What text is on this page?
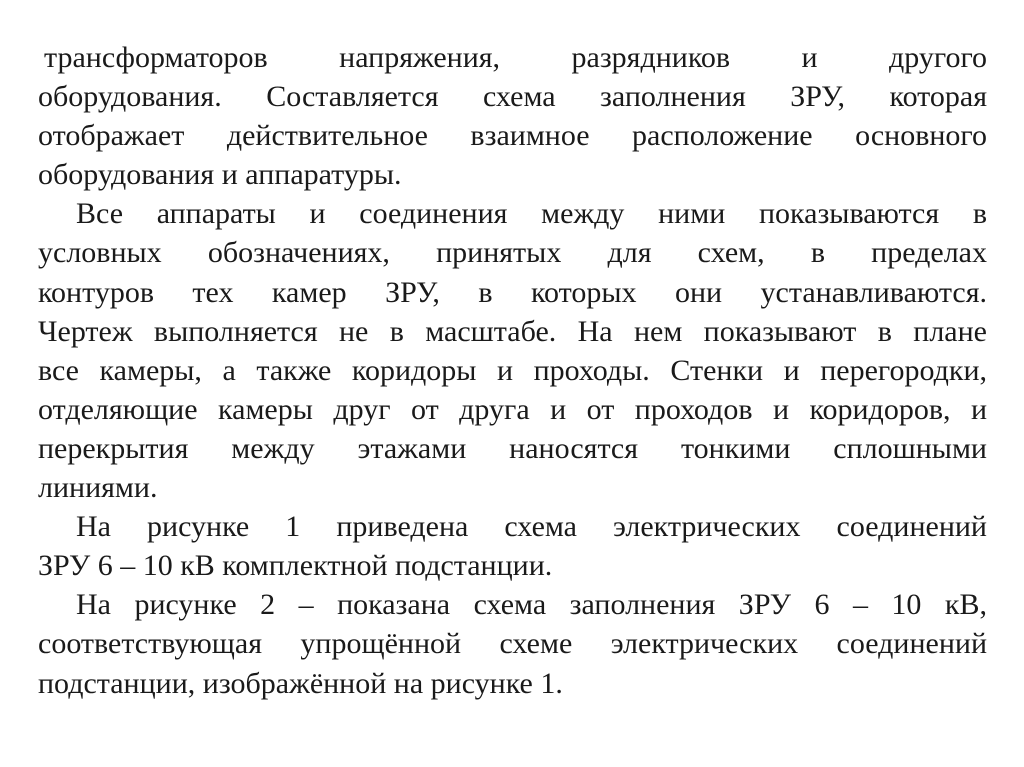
трансформаторов напряжения, разрядников и другого
оборудования. Составляется схема заполнения ЗРУ, которая
отображает действительное взаимное расположение основного
оборудования и аппаратуры.
Все аппараты и соединения между ними показываются в
условных обозначениях, принятых для схем, в пределах
контуров тех камер ЗРУ, в которых они устанавливаются.
Чертеж выполняется не в масштабе. На нем показывают в плане
все камеры, а также коридоры и проходы. Стенки и перегородки,
отделяющие камеры друг от друга и от проходов и коридоров, и
перекрытия между этажами наносятся тонкими сплошными
линиями.
На рисунке 1 приведена схема электрических соединений
ЗРУ 6 – 10 кВ комплектной подстанции.
На рисунке 2 – показана схема заполнения ЗРУ 6 – 10 кВ,
соответствующая упрощённой схеме электрических соединений
подстанции, изображённой на рисунке 1.
